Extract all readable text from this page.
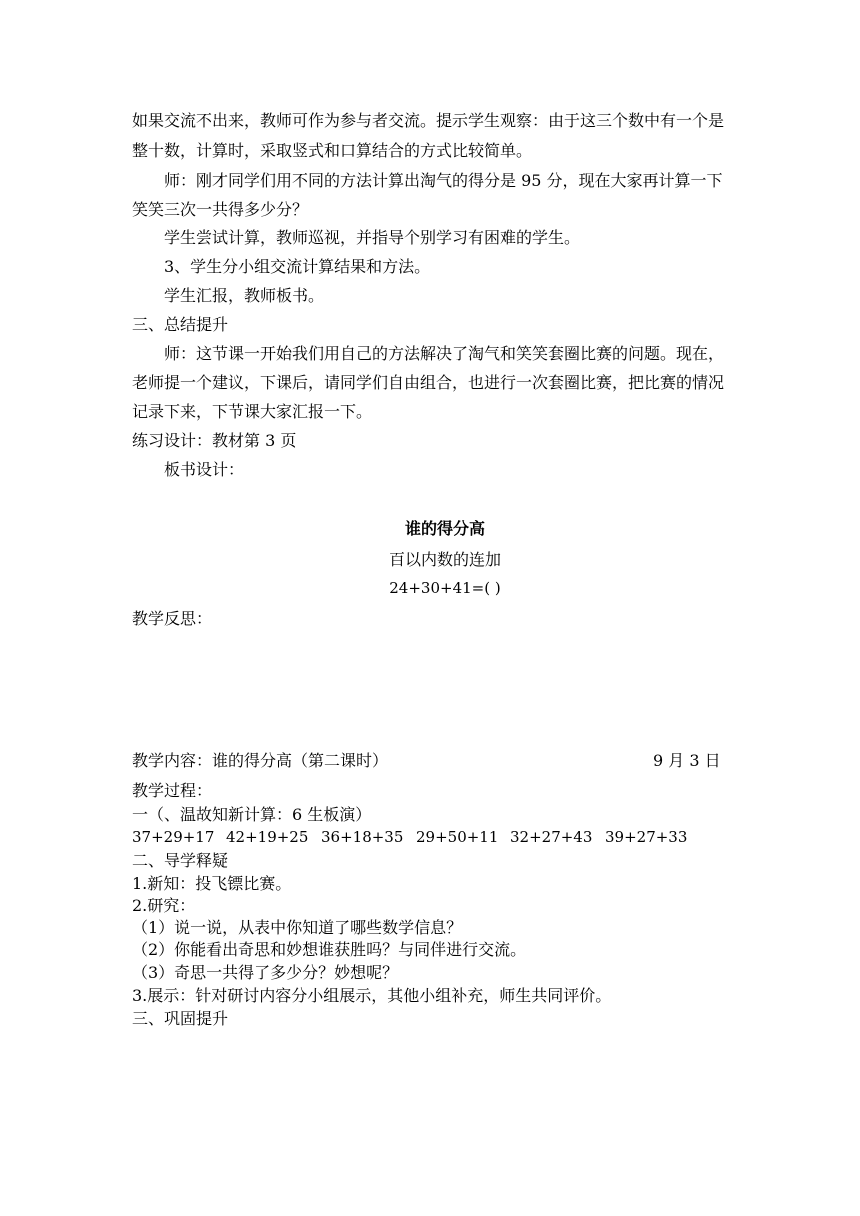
如果交流不出来，教师可作为参与者交流。提示学生观察：由于这三个数中有一个是
整十数，计算时，采取竖式和口算结合的方式比较简单。
师：刚才同学们用不同的方法计算出淘气的得分是 95 分，现在大家再计算一下
笑笑三次一共得多少分？
学生尝试计算，教师巡视，并指导个别学习有困难的学生。
3、学生分小组交流计算结果和方法。
学生汇报，教师板书。
三、总结提升
师：这节课一开始我们用自己的方法解决了淘气和笑笑套圈比赛的问题。现在，
老师提一个建议，下课后，请同学们自由组合，也进行一次套圈比赛，把比赛的情况
记录下来，下节课大家汇报一下。
练习设计：教材第 3 页
板书设计：
谁的得分高
百以内数的连加
24+30+41=( )
教学反思：
教学内容：谁的得分高（第二课时）	9 月 3 日
教学过程：
一（、温故知新计算：6 生板演）
37+29+17 42+19+25 36+18+35 29+50+11 32+27+43 39+27+33
二、导学释疑
1.新知：投飞镖比赛。
2.研究：
（1）说一说，从表中你知道了哪些数学信息？
（2）你能看出奇思和妙想谁获胜吗？与同伴进行交流。
（3）奇思一共得了多少分？妙想呢？
3.展示：针对研讨内容分小组展示，其他小组补充，师生共同评价。
三、巩固提升
